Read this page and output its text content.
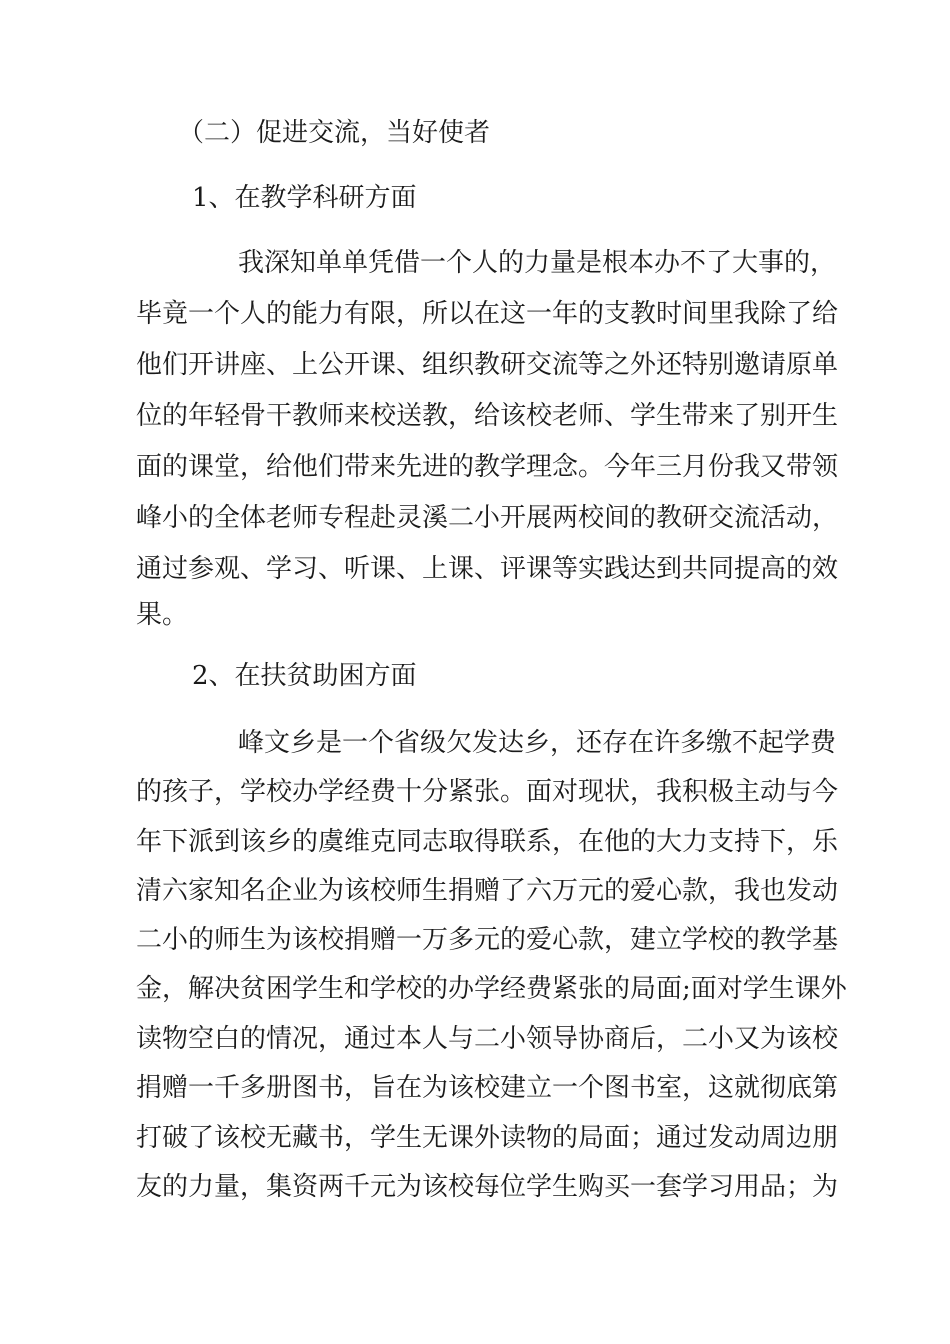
（二）促进交流，当好使者
1、在教学科研方面
我深知单单凭借一个人的力量是根本办不了大事的，
毕竟一个人的能力有限，所以在这一年的支教时间里我除了给
他们开讲座、上公开课、组织教研交流等之外还特别邀请原单
位的年轻骨干教师来校送教，给该校老师、学生带来了别开生
面的课堂，给他们带来先进的教学理念。今年三月份我又带领
峰小的全体老师专程赴灵溪二小开展两校间的教研交流活动，
通过参观、学习、听课、上课、评课等实践达到共同提高的效
果。
2、在扶贫助困方面
峰文乡是一个省级欠发达乡，还存在许多缴不起学费
的孩子，学校办学经费十分紧张。面对现状，我积极主动与今
年下派到该乡的虞维克同志取得联系，在他的大力支持下，乐
清六家知名企业为该校师生捐赠了六万元的爱心款，我也发动
二小的师生为该校捐赠一万多元的爱心款，建立学校的教学基
金，解决贫困学生和学校的办学经费紧张的局面;面对学生课外
读物空白的情况，通过本人与二小领导协商后，二小又为该校
捐赠一千多册图书，旨在为该校建立一个图书室，这就彻底第
打破了该校无藏书，学生无课外读物的局面；通过发动周边朋
友的力量，集资两千元为该校每位学生购买一套学习用品；为
